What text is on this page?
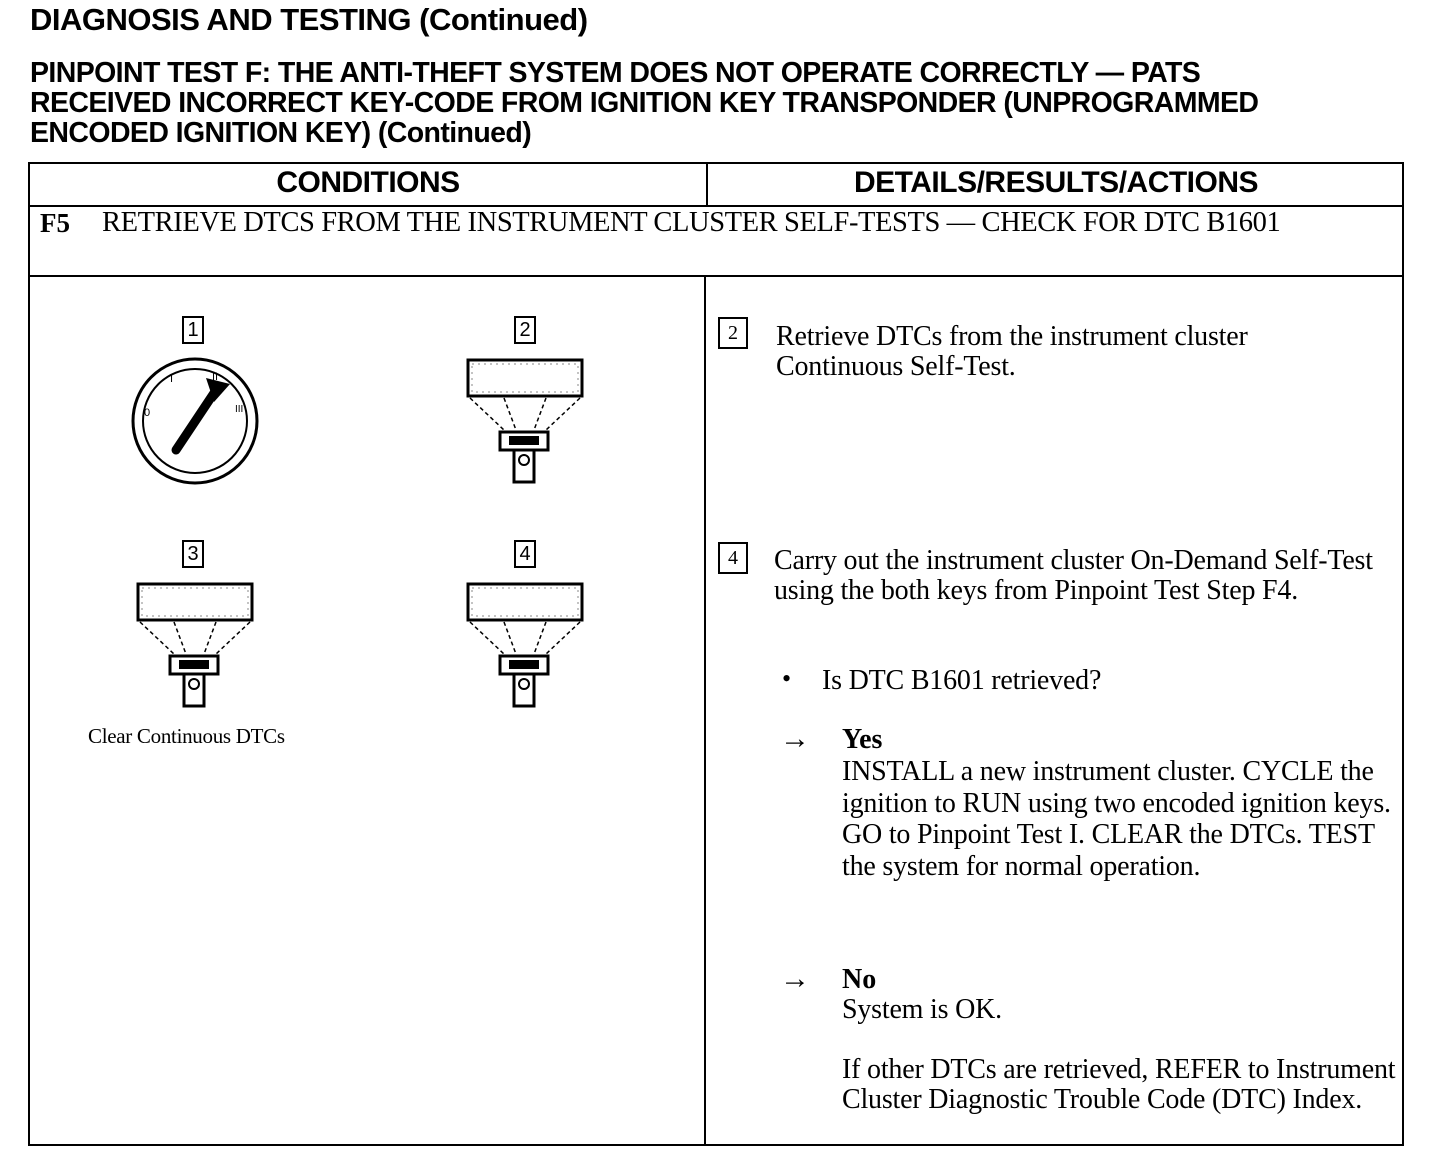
DIAGNOSIS AND TESTING (Continued)
PINPOINT TEST F: THE ANTI-THEFT SYSTEM DOES NOT OPERATE CORRECTLY — PATS
RECEIVED INCORRECT KEY-CODE FROM IGNITION KEY TRANSPONDER (UNPROGRAMMED
ENCODED IGNITION KEY) (Continued)
CONDITIONS	DETAILS/RESULTS/ACTIONS
F5 RETRIEVE DTCS FROM THE INSTRUMENT CLUSTER SELF-TESTS — CHECK FOR DTC B1601
1
0
I	II
III
2
3	4
Clear Continuous DTCs
2	Retrieve DTCs from the instrument cluster Continuous Self-Test.
4	Carry out the instrument cluster On-Demand Self-Test using the both keys from Pinpoint Test Step F4.
• Is DTC B1601 retrieved?
→ Yes
INSTALL a new instrument cluster. CYCLE the ignition to RUN using two encoded ignition keys. GO to Pinpoint Test I. CLEAR the DTCs. TEST the system for normal operation.
→ No
System is OK.
If other DTCs are retrieved, REFER to Instrument Cluster Diagnostic Trouble Code (DTC) Index.
